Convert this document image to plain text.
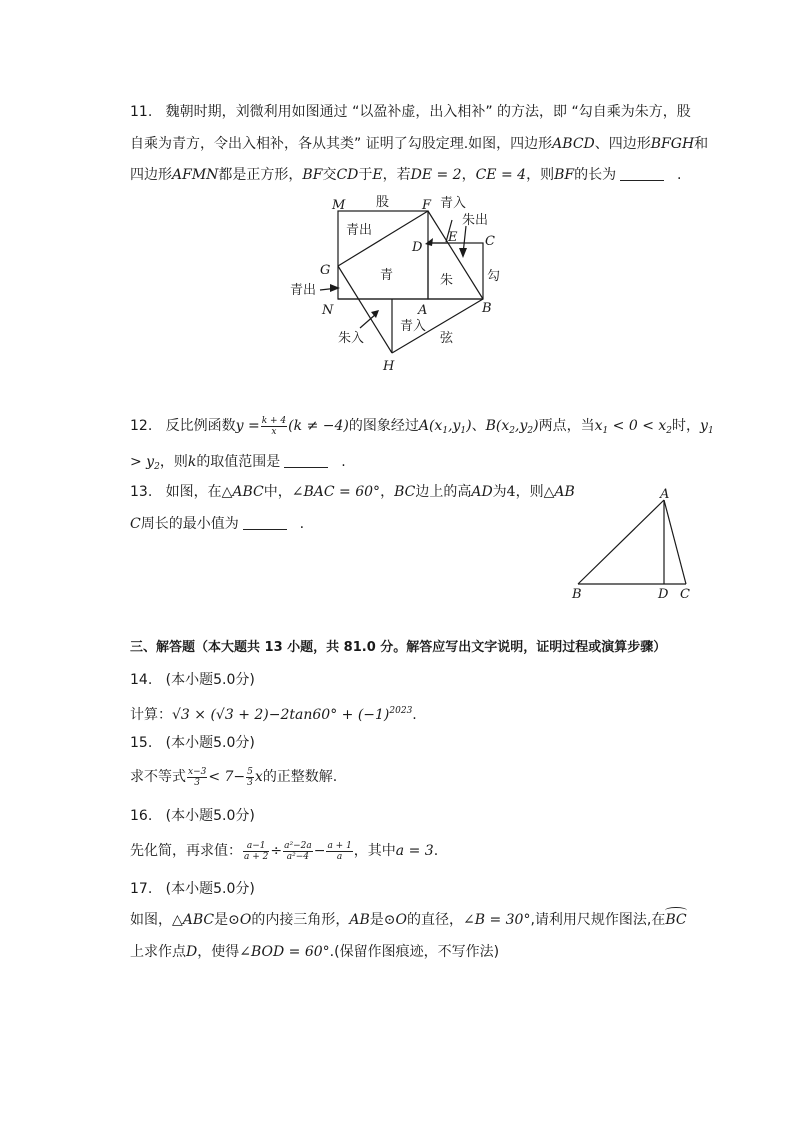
11. 魏朝时期，刘微利用如图通过 “以盈补虚，出入相补” 的方法，即 “勾自乘为朱方，股
自乘为青方，令出入相补，各从其类” 证明了勾股定理.如图，四边形ABCD、四边形BFGH和
四边形AFMN都是正方形，BF交CD于E，若DE = 2，CE = 4，则BF的长为	.
M	F
D
E C
G
N	A	B
H
股	青入
朱出
青出
青	朱	勾
青出
朱入
青入
弦
12. 反比例函数$y = \frac{k + 4}{x} (k \ne -4)$的图象经过$A(x_1,y_1)$、$B(x_2,y_2)$两点，当$x_1 < 0 < x_2$时，$y_1$
> $y_2$，则k的取值范围是	.
13. 如图，在△ABC中，∠BAC = 60°，BC边上的高AD为4，则△AB
C周长的最小值为	.
A
B	D C
三、解答题（本大题共 13 小题，共 81.0 分。解答应写出文字说明，证明过程或演算步骤）
14. (本小题5.0分)
计算：$√3 \times (√3 + 2)-2\tan 60^\circ + (-1)^{2023}$.
15. (本小题5.0分)
求不等式 $\frac{x-3}{3} < 7- \frac{5}{3}$ x的正整数解.
16. (本小题5.0分)
先化简，再求值： $\frac{a-1}{a + 2} \div \frac{\text{a²−2a}}{\text{a²−4}} - \frac{a + 1}{a}$ ，其中a = 3.
17. (本小题5.0分)
如图，△ABC是⊙O的内接三角形，AB是⊙O的直径，∠B = 30°,请利用尺规作图法,在BC
上求作点D，使得∠BOD = 60°.(保留作图痕迹，不写作法)
